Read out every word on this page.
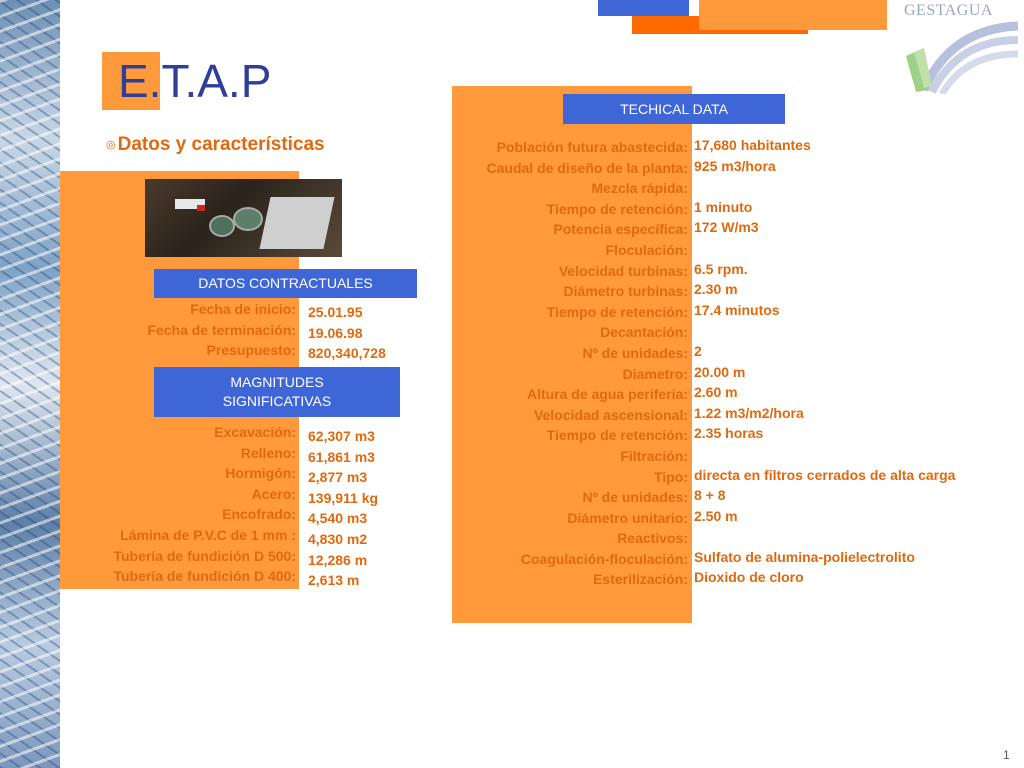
GESTAGUA
E.T.A.P
◎ Datos y características
DATOS CONTRACTUALES
Fecha de inicio:
Fecha de terminación:
Presupuesto:
25.01.95
19.06.98
820,340,728
MAGNITUDES
SIGNIFICATIVAS
Excavación:
Relleno:
Hormigón:
Acero:
Encofrado:
Lámina de P.V.C de 1 mm :
Tubería de fundición D 500:
Tubería de fundición D 400:
62,307 m3
61,861 m3
2,877 m3
139,911 kg
4,540 m3
4,830 m2
12,286 m
2,613 m
TECHICAL DATA
Población futura abastecida:
Caudal de diseño de la planta:
Mezcla rápida:
Tiempo de retención:
Potencia específica:
Floculación:
Velocidad turbinas:
Diámetro turbinas:
Tiempo de retención:
Decantación:
Nº de unidades:
Diametro:
Altura de agua periferia:
Velocidad ascensional:
Tiempo de retención:
Filtración:
Tipo:
Nº de unidades:
Diámetro unitario:
Reactivos:
Coagulación-floculación:
Esterilización:
17,680 habitantes
925 m3/hora
1 minuto
172 W/m3
6.5 rpm.
2.30 m
17.4 minutos
2
20.00 m
2.60 m
1.22 m3/m2/hora
2.35 horas
directa en filtros cerrados de alta carga
8 + 8
2.50 m
Sulfato de alumina-polielectrolito
Dioxido de cloro
1
